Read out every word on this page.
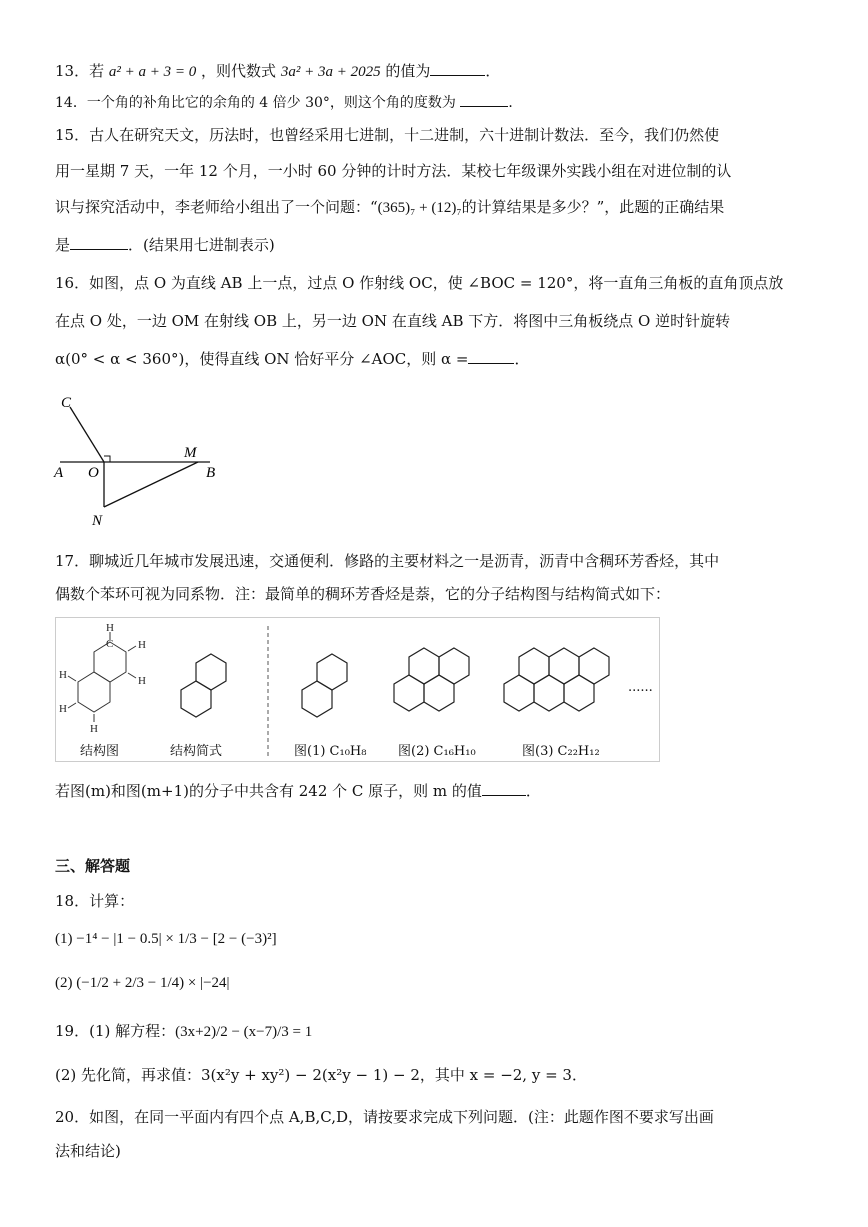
13．若 a² + a + 3 = 0 ，则代数式 3a² + 3a + 2025 的值为	．
14．一个角的补角比它的余角的 4 倍少 30°，则这个角的度数为	．
15．古人在研究天文，历法时，也曾经采用七进制，十二进制，六十进制计数法．至今，我们仍然使
用一星期 7 天，一年 12 个月，一小时 60 分钟的计时方法．某校七年级课外实践小组在对进位制的认
识与探究活动中，李老师给小组出了一个问题：“(365)₇ + (12)₇的计算结果是多少？”，此题的正确结果
是	．(结果用七进制表示)
16．如图，点 O 为直线 AB 上一点，过点 O 作射线 OC，使 ∠BOC = 120°，将一直角三角板的直角顶点放
在点 O 处，一边 OM 在射线 OB 上，另一边 ON 在直线 AB 下方．将图中三角板绕点 O 逆时针旋转
α(0° < α < 360°)，使得直线 ON 恰好平分 ∠AOC，则 α =	．
C
A O
M
B
N
17．聊城近几年城市发展迅速，交通便利．修路的主要材料之一是沥青，沥青中含稠环芳香烃，其中
偶数个苯环可视为同系物．注：最简单的稠环芳香烃是萘，它的分子结构图与结构简式如下：
H
C H
H
H
H
H
......
结构图	结构简式	图(1) C₁₀H₈ 图(2) C₁₆H₁₀	图(3) C₂₂H₁₂
若图(m)和图(m+1)的分子中共含有 242 个 C 原子，则 m 的值	．
三、解答题
18．计算：
(1) −1⁴ − |1 − 0.5| × 1/3 − [2 − (−3)²]
(2) (−1/2 + 2/3 − 1/4) × |−24|
19．(1) 解方程：(3x+2)/2 − (x−7)/3 = 1
(2) 先化简，再求值：3(x²y + xy²) − 2(x²y − 1) − 2，其中 x = −2, y = 3．
20．如图，在同一平面内有四个点 A,B,C,D，请按要求完成下列问题．(注：此题作图不要求写出画
法和结论)
